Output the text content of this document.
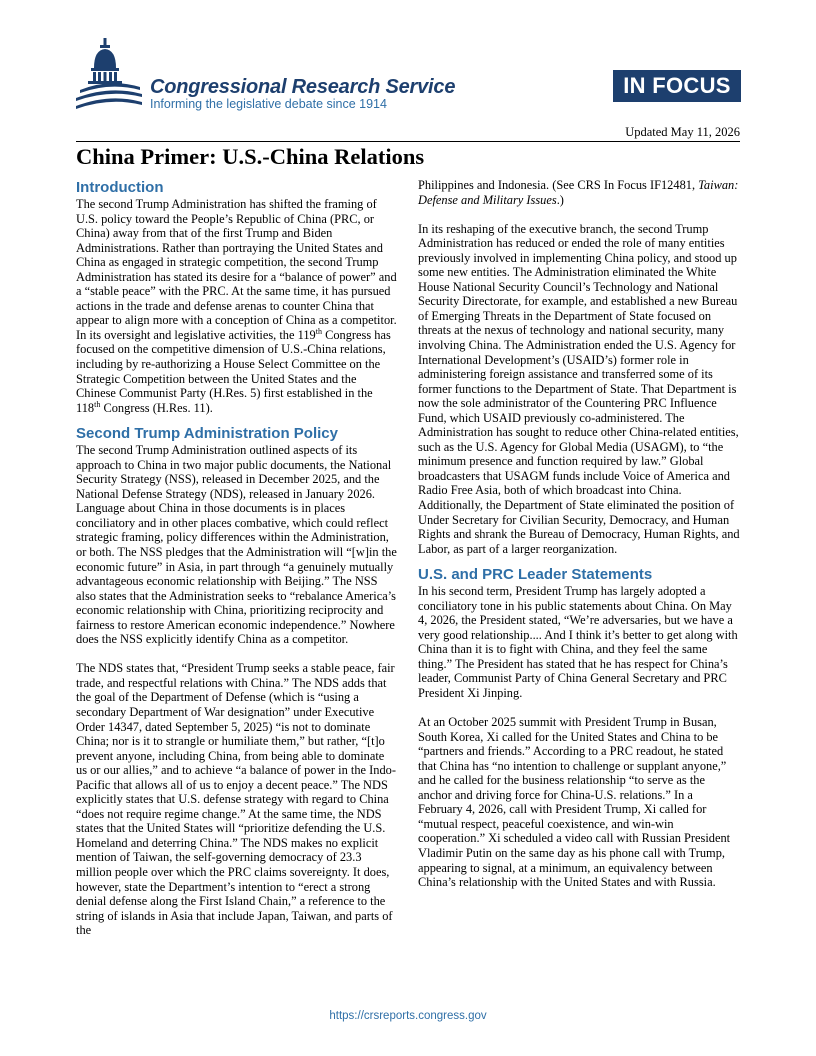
Congressional Research Service
Informing the legislative debate since 1914
IN FOCUS
Updated May 11, 2026
China Primer: U.S.-China Relations
Introduction

The second Trump Administration has shifted the framing of U.S. policy toward the People’s Republic of China (PRC, or China) away from that of the first Trump and Biden Administrations. Rather than portraying the United States and China as engaged in strategic competition, the second Trump Administration has stated its desire for a “balance of power” and a “stable peace” with the PRC. At the same time, it has pursued actions in the trade and defense arenas to counter China that appear to align more with a conception of China as a competitor. In its oversight and legislative activities, the 119th Congress has focused on the competitive dimension of U.S.-China relations, including by re-authorizing a House Select Committee on the Strategic Competition between the United States and the Chinese Communist Party (H.Res. 5) first established in the 118th Congress (H.Res. 11).

Second Trump Administration Policy

The second Trump Administration outlined aspects of its approach to China in two major public documents, the National Security Strategy (NSS), released in December 2025, and the National Defense Strategy (NDS), released in January 2026. Language about China in those documents is in places conciliatory and in other places combative, which could reflect strategic framing, policy differences within the Administration, or both. The NSS pledges that the Administration will “[w]in the economic future” in Asia, in part through “a genuinely mutually advantageous economic relationship with Beijing.” The NSS also states that the Administration seeks to “rebalance America’s economic relationship with China, prioritizing reciprocity and fairness to restore American economic independence.” Nowhere does the NSS explicitly identify China as a competitor.

The NDS states that, “President Trump seeks a stable peace, fair trade, and respectful relations with China.” The NDS adds that the goal of the Department of Defense (which is “using a secondary Department of War designation” under Executive Order 14347, dated September 5, 2025) “is not to dominate China; nor is it to strangle or humiliate them,” but rather, “[t]o prevent anyone, including China, from being able to dominate us or our allies,” and to achieve “a balance of power in the Indo-Pacific that allows all of us to enjoy a decent peace.” The NDS explicitly states that U.S. defense strategy with regard to China “does not require regime change.” At the same time, the NDS states that the United States will “prioritize defending the U.S. Homeland and deterring China.” The NDS makes no explicit mention of Taiwan, the self-governing democracy of 23.3 million people over which the PRC claims sovereignty. It does, however, state the Department’s intention to “erect a strong denial defense along the First Island Chain,” a reference to the string of islands in Asia that include Japan, Taiwan, and parts of the

Philippines and Indonesia. (See CRS In Focus IF12481, Taiwan: Defense and Military Issues.)

In its reshaping of the executive branch, the second Trump Administration has reduced or ended the role of many entities previously involved in implementing China policy, and stood up some new entities. The Administration eliminated the White House National Security Council’s Technology and National Security Directorate, for example, and established a new Bureau of Emerging Threats in the Department of State focused on threats at the nexus of technology and national security, many involving China. The Administration ended the U.S. Agency for International Development’s (USAID’s) former role in administering foreign assistance and transferred some of its former functions to the Department of State. That Department is now the sole administrator of the Countering PRC Influence Fund, which USAID previously co-administered. The Administration has sought to reduce other China-related entities, such as the U.S. Agency for Global Media (USAGM), to “the minimum presence and function required by law.” Global broadcasters that USAGM funds include Voice of America and Radio Free Asia, both of which broadcast into China. Additionally, the Department of State eliminated the position of Under Secretary for Civilian Security, Democracy, and Human Rights and shrank the Bureau of Democracy, Human Rights, and Labor, as part of a larger reorganization.

U.S. and PRC Leader Statements

In his second term, President Trump has largely adopted a conciliatory tone in his public statements about China. On May 4, 2026, the President stated, “We’re adversaries, but we have a very good relationship.... And I think it’s better to get along with China than it is to fight with China, and they feel the same thing.” The President has stated that he has respect for China’s leader, Communist Party of China General Secretary and PRC President Xi Jinping.

At an October 2025 summit with President Trump in Busan, South Korea, Xi called for the United States and China to be “partners and friends.” According to a PRC readout, he stated that China has “no intention to challenge or supplant anyone,” and he called for the business relationship “to serve as the anchor and driving force for China-U.S. relations.” In a February 4, 2026, call with President Trump, Xi called for “mutual respect, peaceful coexistence, and win-win cooperation.” Xi scheduled a video call with Russian President Vladimir Putin on the same day as his phone call with Trump, appearing to signal, at a minimum, an equivalency between China’s relationship with the United States and with Russia.

https://crsreports.congress.gov
